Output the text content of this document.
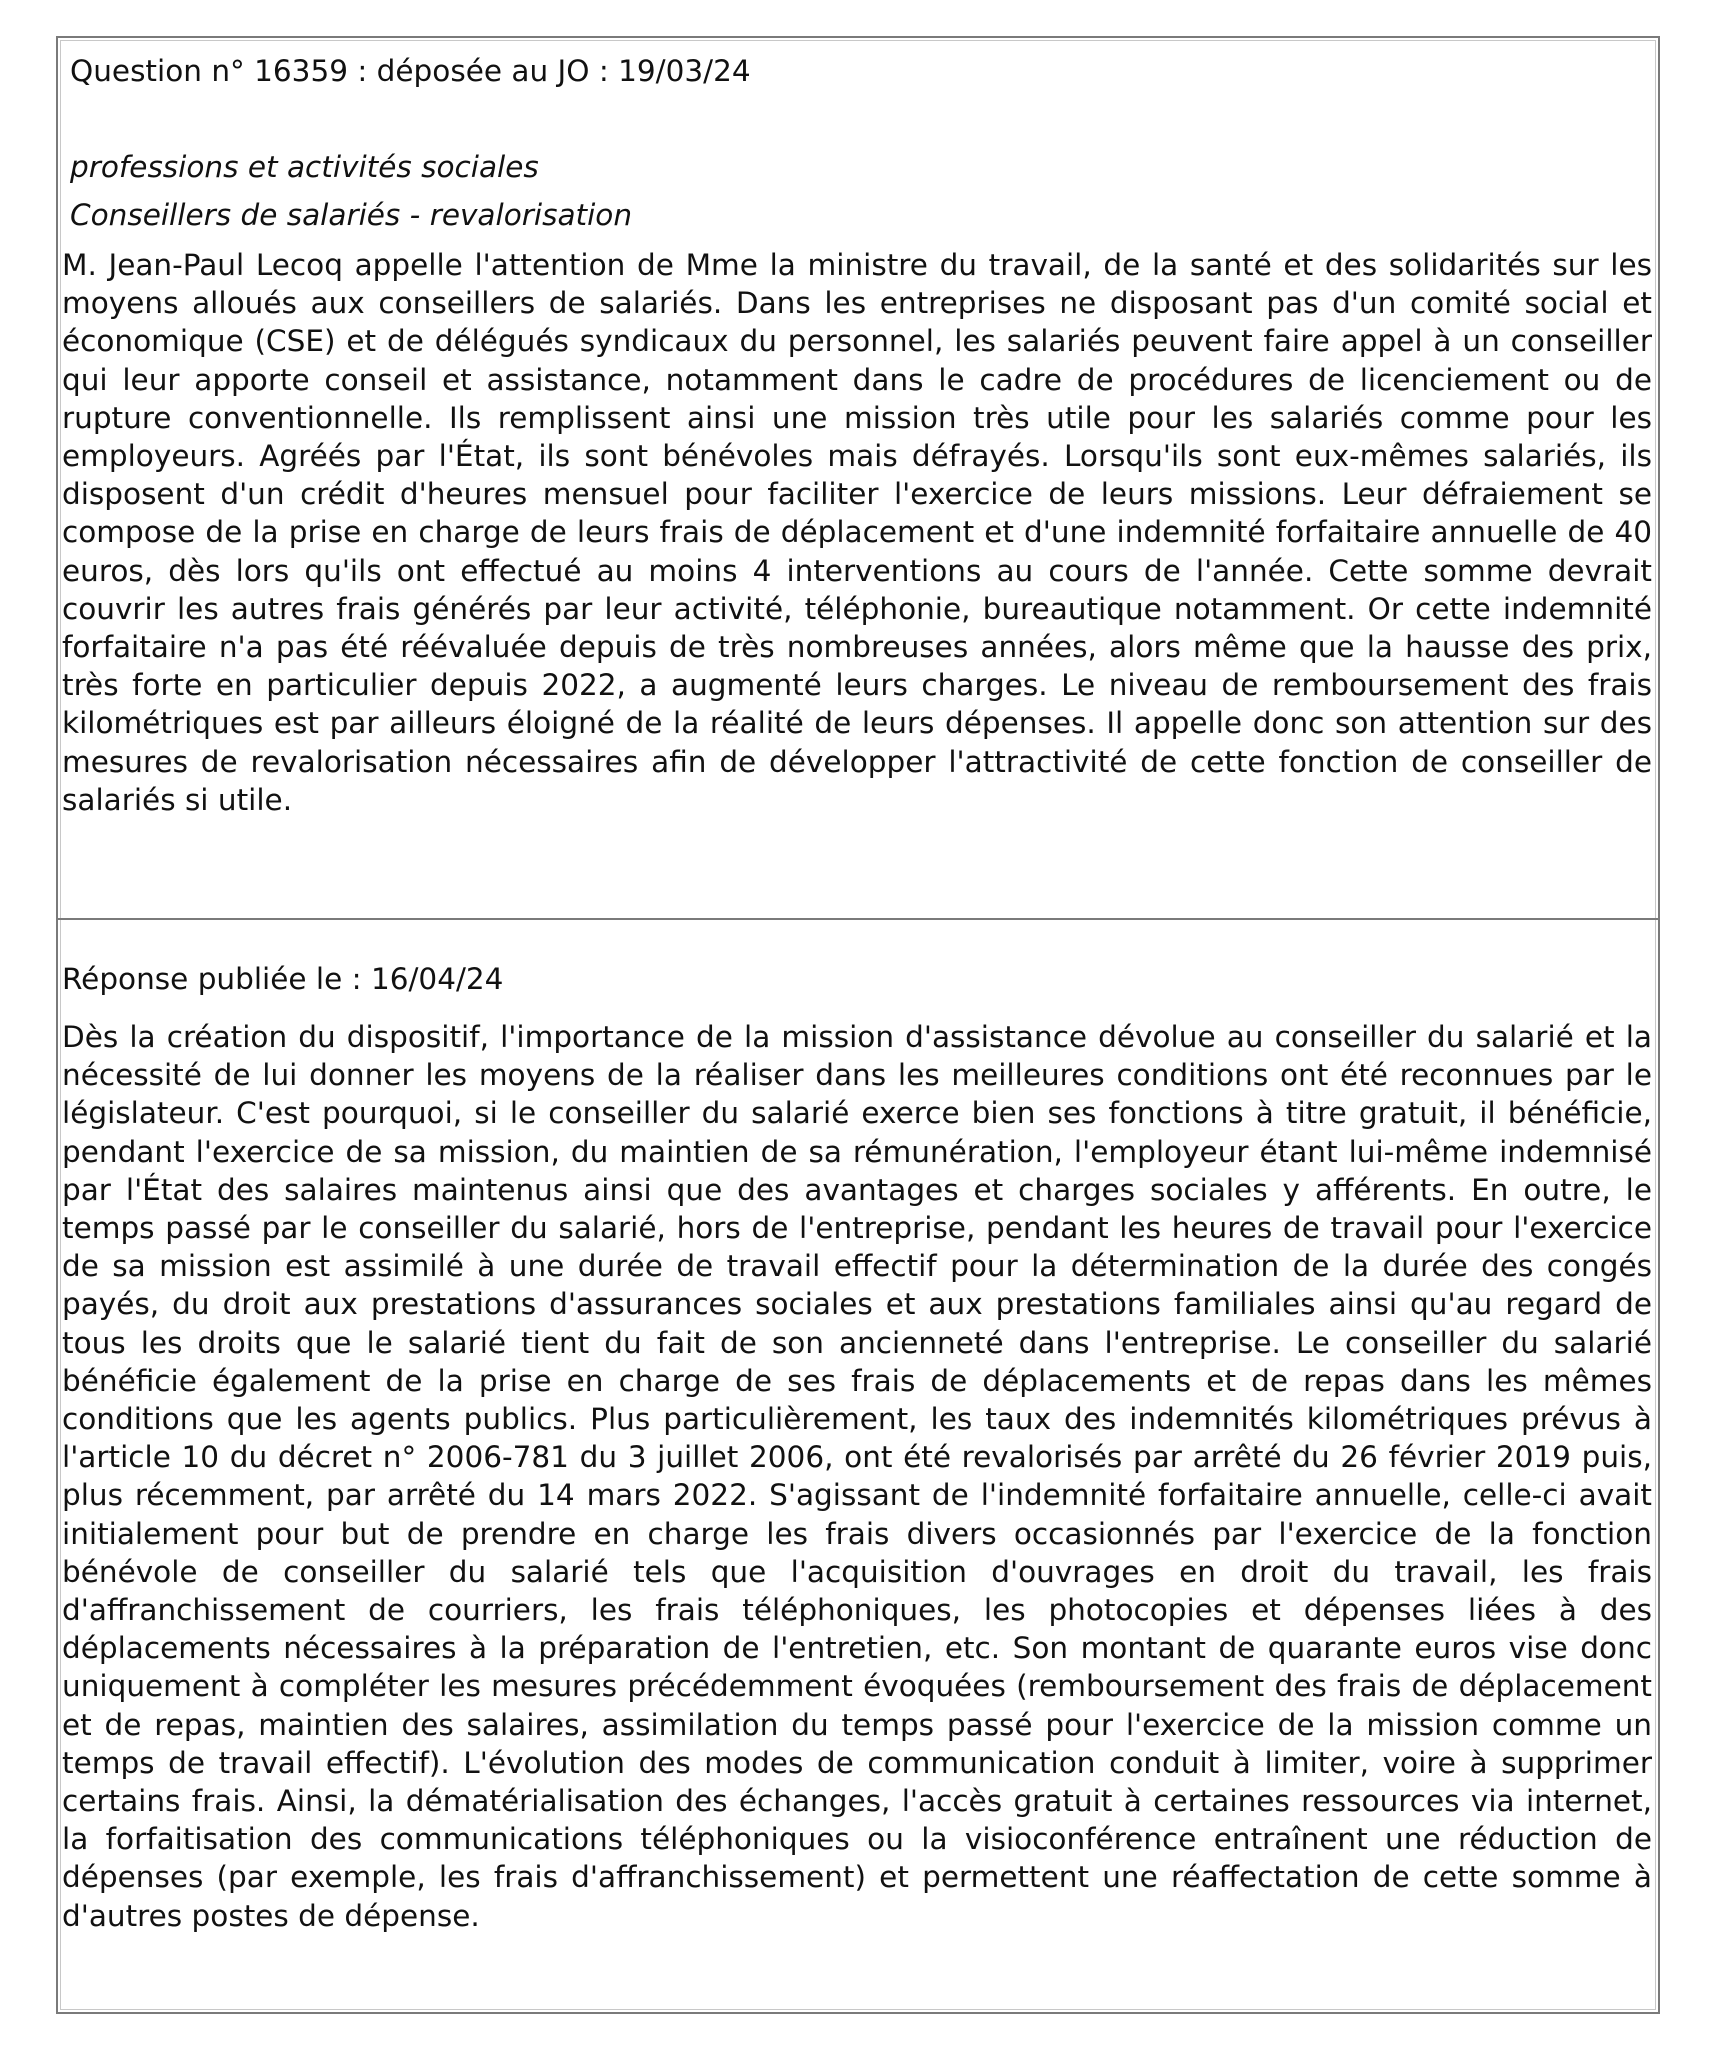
Question n° 16359 : déposée au JO : 19/03/24

professions et activités sociales

Conseillers de salariés - revalorisation

M. Jean-Paul Lecoq appelle l'attention de Mme la ministre du travail, de la santé et des solidarités sur les moyens alloués aux conseillers de salariés. Dans les entreprises ne disposant pas d'un comité social et économique (CSE) et de délégués syndicaux du personnel, les salariés peuvent faire appel à un conseiller qui leur apporte conseil et assistance, notamment dans le cadre de procédures de licenciement ou de rupture conventionnelle. Ils remplissent ainsi une mission très utile pour les salariés comme pour les employeurs. Agréés par l'État, ils sont bénévoles mais défrayés. Lorsqu'ils sont eux-mêmes salariés, ils disposent d'un crédit d'heures mensuel pour faciliter l'exercice de leurs missions. Leur défraiement se compose de la prise en charge de leurs frais de déplacement et d'une indemnité forfaitaire annuelle de 40 euros, dès lors qu'ils ont effectué au moins 4 interventions au cours de l'année. Cette somme devrait couvrir les autres frais générés par leur activité, téléphonie, bureautique notamment. Or cette indemnité forfaitaire n'a pas été réévaluée depuis de très nombreuses années, alors même que la hausse des prix, très forte en particulier depuis 2022, a augmenté leurs charges. Le niveau de remboursement des frais kilométriques est par ailleurs éloigné de la réalité de leurs dépenses. Il appelle donc son attention sur des mesures de revalorisation nécessaires afin de développer l'attractivité de cette fonction de conseiller de salariés si utile.

Réponse publiée le : 16/04/24

Dès la création du dispositif, l'importance de la mission d'assistance dévolue au conseiller du salarié et la nécessité de lui donner les moyens de la réaliser dans les meilleures conditions ont été reconnues par le législateur. C'est pourquoi, si le conseiller du salarié exerce bien ses fonctions à titre gratuit, il bénéficie, pendant l'exercice de sa mission, du maintien de sa rémunération, l'employeur étant lui-même indemnisé par l'État des salaires maintenus ainsi que des avantages et charges sociales y afférents. En outre, le temps passé par le conseiller du salarié, hors de l'entreprise, pendant les heures de travail pour l'exercice de sa mission est assimilé à une durée de travail effectif pour la détermination de la durée des congés payés, du droit aux prestations d'assurances sociales et aux prestations familiales ainsi qu'au regard de tous les droits que le salarié tient du fait de son ancienneté dans l'entreprise. Le conseiller du salarié bénéficie également de la prise en charge de ses frais de déplacements et de repas dans les mêmes conditions que les agents publics. Plus particulièrement, les taux des indemnités kilométriques prévus à l'article 10 du décret n° 2006-781 du 3 juillet 2006, ont été revalorisés par arrêté du 26 février 2019 puis, plus récemment, par arrêté du 14 mars 2022. S'agissant de l'indemnité forfaitaire annuelle, celle-ci avait initialement pour but de prendre en charge les frais divers occasionnés par l'exercice de la fonction bénévole de conseiller du salarié tels que l'acquisition d'ouvrages en droit du travail, les frais d'affranchissement de courriers, les frais téléphoniques, les photocopies et dépenses liées à des déplacements nécessaires à la préparation de l'entretien, etc. Son montant de quarante euros vise donc uniquement à compléter les mesures précédemment évoquées (remboursement des frais de déplacement et de repas, maintien des salaires, assimilation du temps passé pour l'exercice de la mission comme un temps de travail effectif). L'évolution des modes de communication conduit à limiter, voire à supprimer certains frais. Ainsi, la dématérialisation des échanges, l'accès gratuit à certaines ressources via internet, la forfaitisation des communications téléphoniques ou la visioconférence entraînent une réduction de dépenses (par exemple, les frais d'affranchissement) et permettent une réaffectation de cette somme à d'autres postes de dépense.
